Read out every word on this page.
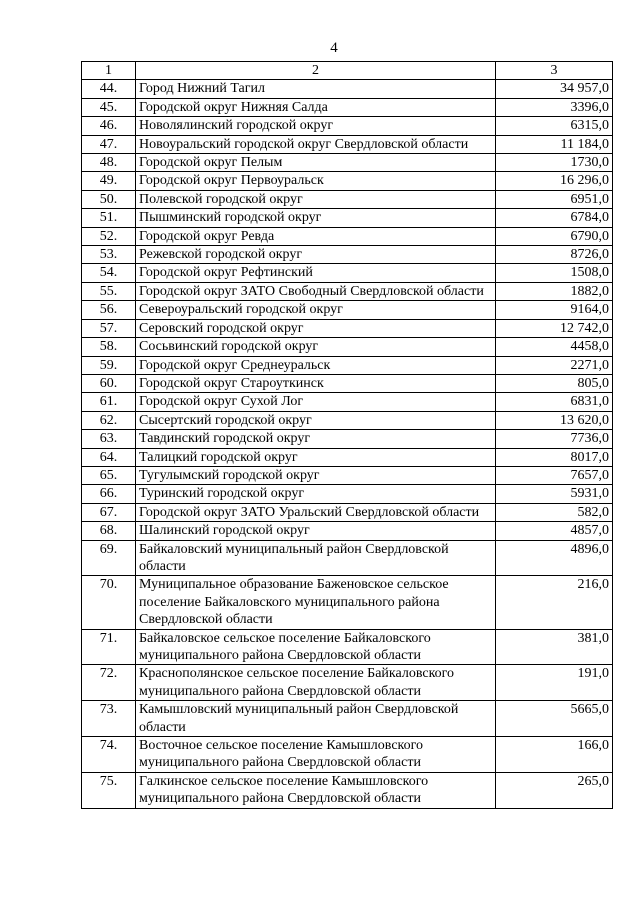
4
1	2	3
44.	Город Нижний Тагил	34 957,0
45.	Городской округ Нижняя Салда	3396,0
46.	Новолялинский городской округ	6315,0
47.	Новоуральский городской округ Свердловской области	11 184,0
48.	Городской округ Пелым	1730,0
49.	Городской округ Первоуральск	16 296,0
50.	Полевской городской округ	6951,0
51.	Пышминский городской округ	6784,0
52.	Городской округ Ревда	6790,0
53.	Режевской городской округ	8726,0
54.	Городской округ Рефтинский	1508,0
55.	Городской округ ЗАТО Свободный Свердловской области	1882,0
56.	Североуральский городской округ	9164,0
57.	Серовский городской округ	12 742,0
58.	Сосьвинский городской округ	4458,0
59.	Городской округ Среднеуральск	2271,0
60.	Городской округ Староуткинск	805,0
61.	Городской округ Сухой Лог	6831,0
62.	Сысертский городской округ	13 620,0
63.	Тавдинский городской округ	7736,0
64.	Талицкий городской округ	8017,0
65.	Тугулымский городской округ	7657,0
66.	Туринский городской округ	5931,0
67.	Городской округ ЗАТО Уральский Свердловской области	582,0
68.	Шалинский городской округ	4857,0
69.	Байкаловский муниципальный район Свердловской области	4896,0
70.	Муниципальное образование Баженовское сельское поселение Байкаловского муниципального района Свердловской области	216,0
71.	Байкаловское сельское поселение Байкаловского муниципального района Свердловской области	381,0
72.	Краснополянское сельское поселение Байкаловского муниципального района Свердловской области	191,0
73.	Камышловский муниципальный район Свердловской области	5665,0
74.	Восточное сельское поселение Камышловского муниципального района Свердловской области	166,0
75.	Галкинское сельское поселение Камышловского муниципального района Свердловской области	265,0
